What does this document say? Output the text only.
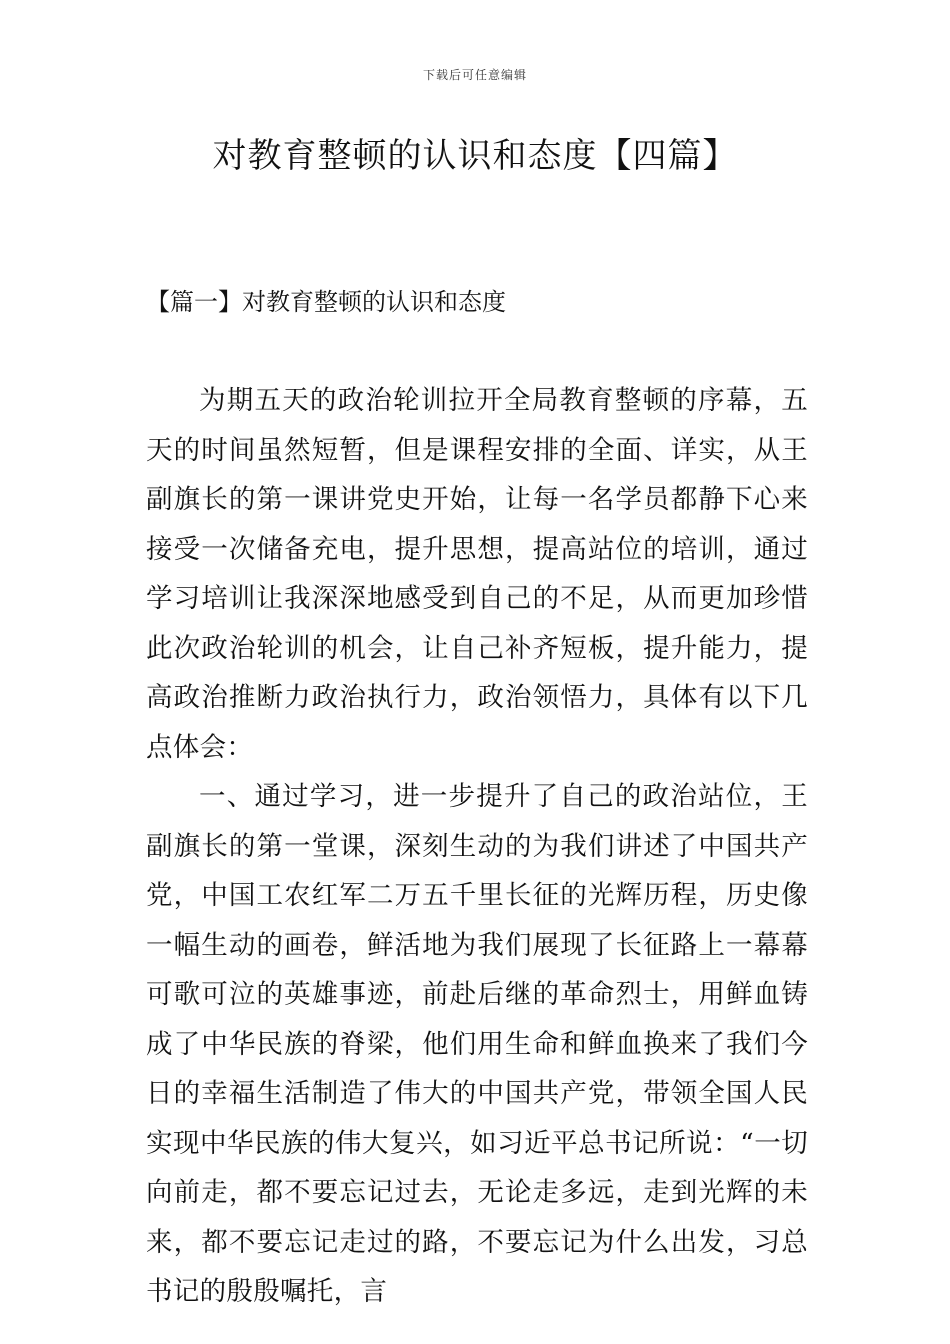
下载后可任意编辑
对教育整顿的认识和态度【四篇】
【篇一】对教育整顿的认识和态度

为期五天的政治轮训拉开全局教育整顿的序幕，五天的时间虽然短暂，但是课程安排的全面、详实，从王副旗长的第一课讲党史开始，让每一名学员都静下心来接受一次储备充电，提升思想，提高站位的培训，通过学习培训让我深深地感受到自己的不足，从而更加珍惜此次政治轮训的机会，让自己补齐短板，提升能力，提高政治推断力政治执行力，政治领悟力，具体有以下几点体会：

一、通过学习，进一步提升了自己的政治站位，王副旗长的第一堂课，深刻生动的为我们讲述了中国共产党，中国工农红军二万五千里长征的光辉历程，历史像一幅生动的画卷，鲜活地为我们展现了长征路上一幕幕可歌可泣的英雄事迹，前赴后继的革命烈士，用鲜血铸成了中华民族的脊梁，他们用生命和鲜血换来了我们今日的幸福生活制造了伟大的中国共产党，带领全国人民实现中华民族的伟大复兴，如习近平总书记所说：“一切向前走，都不要忘记过去，无论走多远，走到光辉的未来，都不要忘记走过的路，不要忘记为什么出发，习总书记的殷殷嘱托，言
